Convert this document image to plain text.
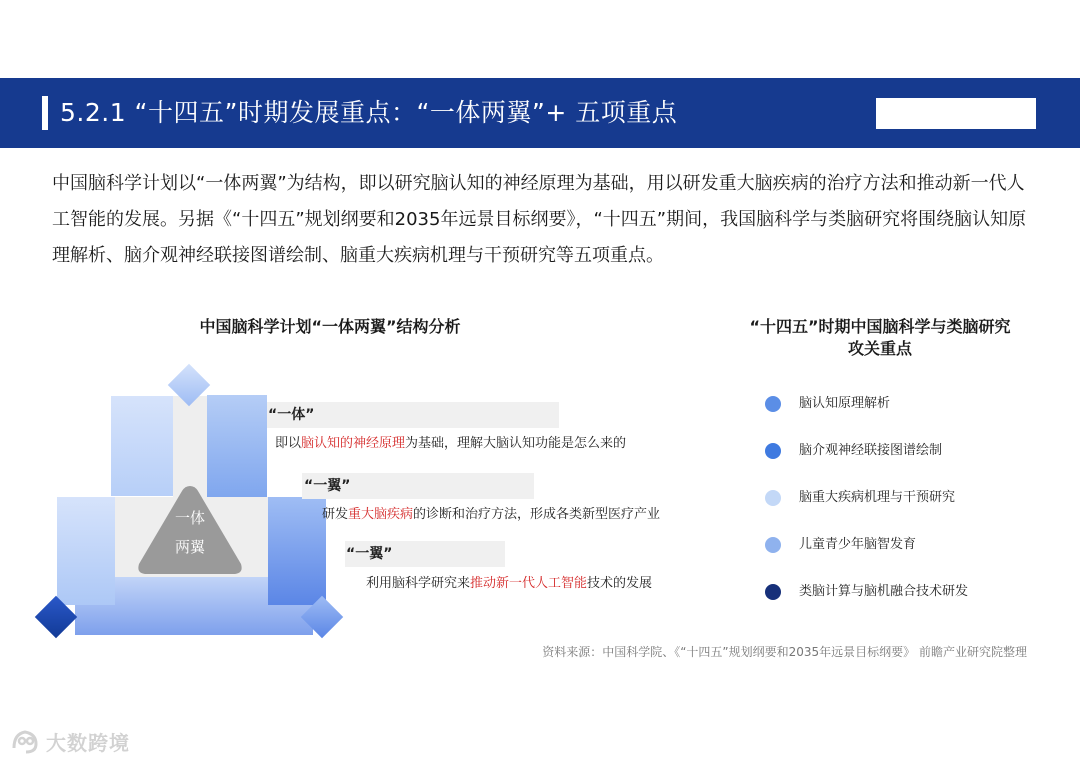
5.2.1 “十四五”时期发展重点：“一体两翼”+ 五项重点
中国脑科学计划以“一体两翼”为结构，即以研究脑认知的神经原理为基础，用以研发重大脑疾病的治疗方法和推动新一代人工智能的发展。另据《“十四五”规划纲要和2035年远景目标纲要》，“十四五”期间，我国脑科学与类脑研究将围绕脑认知原理解析、脑介观神经联接图谱绘制、脑重大疾病机理与干预研究等五项重点。
中国脑科学计划“一体两翼”结构分析
一体
两翼
“一体”
“一翼”
“一翼”
即以脑认知的神经原理为基础，理解大脑认知功能是怎么来的
研发重大脑疾病的诊断和治疗方法，形成各类新型医疗产业
利用脑科学研究来推动新一代人工智能技术的发展
“十四五”时期中国脑科学与类脑研究
攻关重点
脑认知原理解析
脑介观神经联接图谱绘制
脑重大疾病机理与干预研究
儿童青少年脑智发育
类脑计算与脑机融合技术研发
资料来源：中国科学院、《“十四五”规划纲要和2035年远景目标纲要》 前瞻产业研究院整理
大数跨境
